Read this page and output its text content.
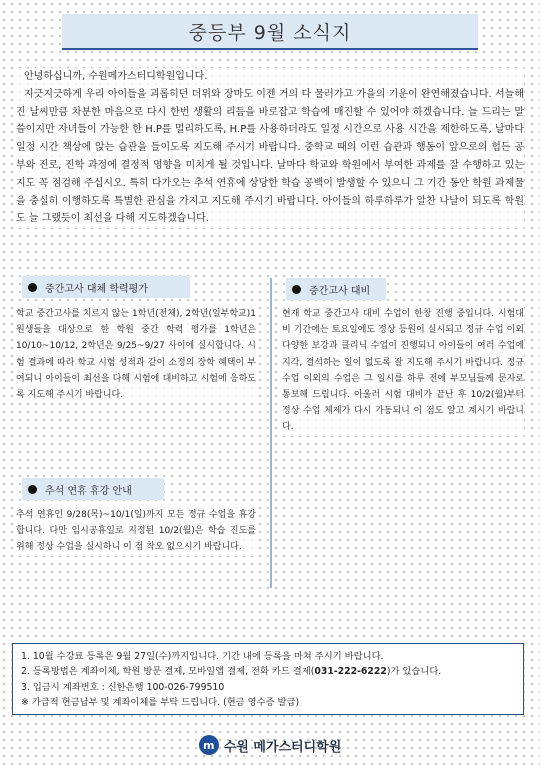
중등부 9월 소식지

안녕하십니까, 수원메가스터디학원입니다.

지긋지긋하게 우리 아이들을 괴롭히던 더위와 장마도 이젠 거의 다 물러가고 가을의 기운이 완연해졌습니다. 서늘해진 날씨만큼 차분한 마음으로 다시 한번 생활의 리듬을 바로잡고 학습에 매진할 수 있어야 하겠습니다. 늘 드리는 말씀이지만 자녀들이 가능한 한 H.P를 멀리하도록, H.P를 사용하더라도 일정 시간으로 사용 시간을 제한하도록, 날마다 일정 시간 책상에 앉는 습관을 들이도록 지도해 주시기 바랍니다. 중학교 때의 이런 습관과 행동이 앞으로의 험든 공부와 진로, 진학 과정에 결정적 영향을 미치게 될 것입니다. 날마다 학교와 학원에서 부여한 과제를 잘 수행하고 있는지도 꼭 점검해 주십시오. 특히 다가오는 추석 연휴에 상당한 학습 공백이 발생할 수 있으니 그 기간 동안 학원 과제물을 충실히 이행하도록 특별한 관심을 가지고 지도해 주시기 바랍니다. 아이들의 하루하루가 알찬 나날이 되도록 학원도 늘 그랬듯이 최선을 다해 지도하겠습니다.

중간고사 대체 학력평가
학교 중간고사를 치르지 않는 1학년(전체), 2학년(일부학교)1원생들을 대상으로 한 학원 중간 학력 평가를 1학년은 10/10~10/12, 2학년은 9/25~9/27 사이에 실시합니다. 시험 결과에 따라 학교 시험 성적과 같이 소정의 장학 혜택이 부여되니 아이들이 최선을 다해 시험에 대비하고 시험에 응하도록 지도해 주시기 바랍니다.
추석 연휴 휴강 안내
추석 연휴인 9/28(목)~10/1(일)까지 모든 정규 수업을 휴강합니다. 다만 임시공휴일로 지정된 10/2(월)은 학습 진도를 위해 정상 수업을 실시하니 이 점 착오 없으시기 바랍니다.
중간고사 대비
현재 학교 중간고사 대비 수업이 한창 진행 중입니다. 시험대비 기간에는 토요일에도 정상 등원이 실시되고 정규 수업 이외 다양한 보강과 클리닉 수업이 진행되니 아이들이 여러 수업에 지각, 결석하는 일이 없도록 잘 지도해 주시기 바랍니다. 정규 수업 이외의 수업은 그 일시를 하루 전에 부모님들께 문자로 통보해 드립니다. 아울러 시험 대비가 끝난 후 10/2(월)부터 정상 수업 체제가 다시 가동되니 이 점도 알고 계시기 바랍니다.
1. 10월 수강료 등록은 9월 27일(수)까지입니다. 기간 내에 등록을 마쳐 주시기 바랍니다.
2. 등록방법은 계좌이체, 학원 방문 결제, 모바일앱 결제, 전화 카드 결제(031-222-6222)가 있습니다.
3. 입금시 계좌번호 : 신한은행 100-026-799510
※ 가급적 현금납부 및 계좌이체를 부탁 드립니다. (현금 영수증 발급)
m 수원 메가스터디학원
